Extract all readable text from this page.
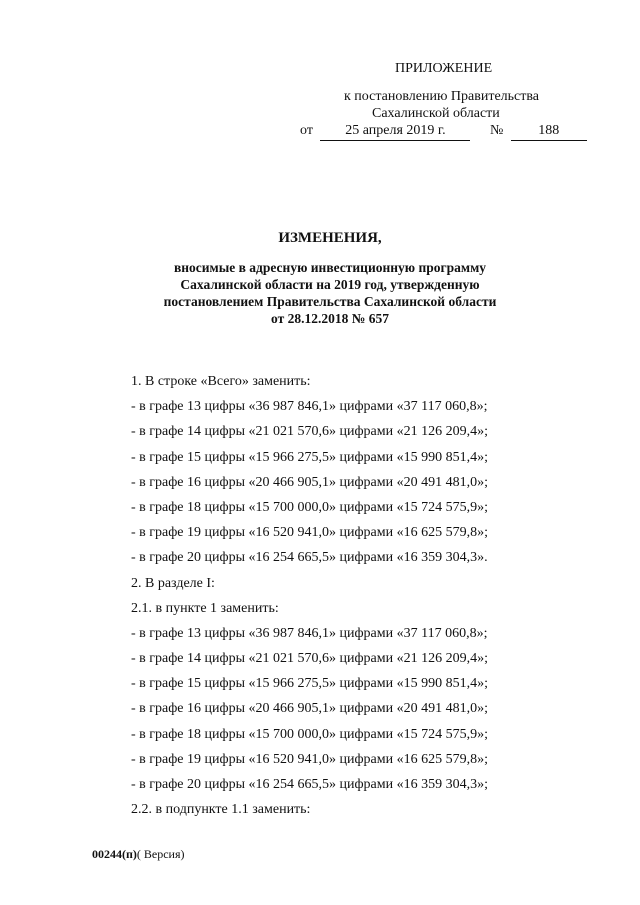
ПРИЛОЖЕНИЕ
к постановлению Правительства
Сахалинской области
от 25 апреля 2019 г.	№	188
ИЗМЕНЕНИЯ,
вносимые в адресную инвестиционную программу
Сахалинской области на 2019 год, утвержденную
постановлением Правительства Сахалинской области
от 28.12.2018 № 657
1. В строке «Всего» заменить:
- в графе 13 цифры «36 987 846,1» цифрами «37 117 060,8»;
- в графе 14 цифры «21 021 570,6» цифрами «21 126 209,4»;
- в графе 15 цифры «15 966 275,5» цифрами «15 990 851,4»;
- в графе 16 цифры «20 466 905,1» цифрами «20 491 481,0»;
- в графе 18 цифры «15 700 000,0» цифрами «15 724 575,9»;
- в графе 19 цифры «16 520 941,0» цифрами «16 625 579,8»;
- в графе 20 цифры «16 254 665,5» цифрами «16 359 304,3».
2. В разделе I:
2.1. в пункте 1 заменить:
- в графе 13 цифры «36 987 846,1» цифрами «37 117 060,8»;
- в графе 14 цифры «21 021 570,6» цифрами «21 126 209,4»;
- в графе 15 цифры «15 966 275,5» цифрами «15 990 851,4»;
- в графе 16 цифры «20 466 905,1» цифрами «20 491 481,0»;
- в графе 18 цифры «15 700 000,0» цифрами «15 724 575,9»;
- в графе 19 цифры «16 520 941,0» цифрами «16 625 579,8»;
- в графе 20 цифры «16 254 665,5» цифрами «16 359 304,3»;
2.2. в подпункте 1.1 заменить:
00244(п)( Версия)
